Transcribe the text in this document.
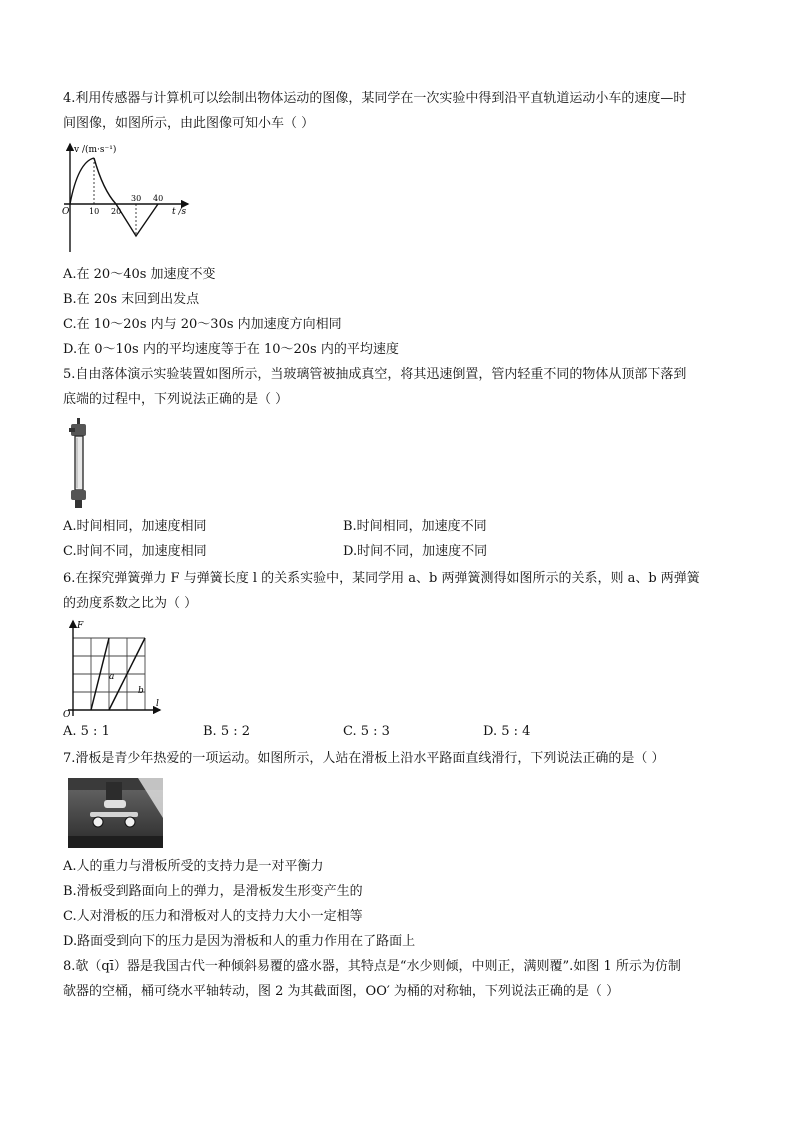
4.利用传感器与计算机可以绘制出物体运动的图像，某同学在一次实验中得到沿平直轨道运动小车的速度—时
间图像，如图所示，由此图像可知小车（ ）
v /(m·s⁻¹)
O 10 20
30 40
t /s
A.在 20～40s 加速度不变
B.在 20s 末回到出发点
C.在 10～20s 内与 20～30s 内加速度方向相同
D.在 0～10s 内的平均速度等于在 10～20s 内的平均速度
5.自由落体演示实验装置如图所示，当玻璃管被抽成真空，将其迅速倒置，管内轻重不同的物体从顶部下落到
底端的过程中，下列说法正确的是（ ）
A.时间相同，加速度相同	B.时间相同，加速度不同
C.时间不同，加速度相同	D.时间不同，加速度不同
6.在探究弹簧弹力 F 与弹簧长度 l 的关系实验中，某同学用 a、b 两弹簧测得如图所示的关系，则 a、b 两弹簧
的劲度系数之比为（ ）
F
O
a
b
l
A. 5 : 1	B. 5 : 2	C. 5 : 3	D. 5 : 4
7.滑板是青少年热爱的一项运动。如图所示，人站在滑板上沿水平路面直线滑行，下列说法正确的是（ ）
A.人的重力与滑板所受的支持力是一对平衡力
B.滑板受到路面向上的弹力，是滑板发生形变产生的
C.人对滑板的压力和滑板对人的支持力大小一定相等
D.路面受到向下的压力是因为滑板和人的重力作用在了路面上
8.欹（qī）器是我国古代一种倾斜易覆的盛水器，其特点是“水少则倾，中则正，满则覆”.如图 1 所示为仿制
欹器的空桶，桶可绕水平轴转动，图 2 为其截面图，OO′ 为桶的对称轴，下列说法正确的是（ ）
